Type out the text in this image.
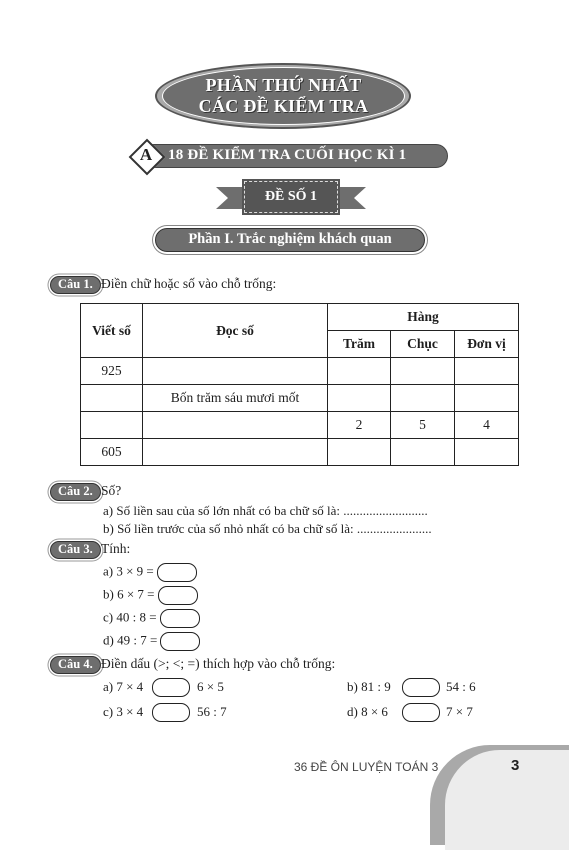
PHẦN THỨ NHẤT
CÁC ĐỀ KIỂM TRA
A 18 ĐỀ KIỂM TRA CUỐI HỌC KÌ 1
ĐỀ SỐ 1
Phần I. Trắc nghiệm khách quan
Câu 1. Điền chữ hoặc số vào chỗ trống:
Viết số	Đọc số	Hàng		
		Trăm	Chục	Đơn vị
925				
	Bốn trăm sáu mươi mốt			
		2	5	4
605				
Câu 2. Số?
a) Số liền sau của số lớn nhất có ba chữ số là: ..........................
b) Số liền trước của số nhỏ nhất có ba chữ số là: .......................
Câu 3. Tính:
a) 3 × 9 =
b) 6 × 7 =
c) 40 : 8 =
d) 49 : 7 =
Câu 4. Điền dấu (>; <; =) thích hợp vào chỗ trống:
a) 7 × 4	6 × 5	b) 81 : 9	54 : 6
c) 3 × 4	56 : 7	d) 8 × 6	7 × 7
36 ĐỀ ÔN LUYỆN TOÁN 3	3
